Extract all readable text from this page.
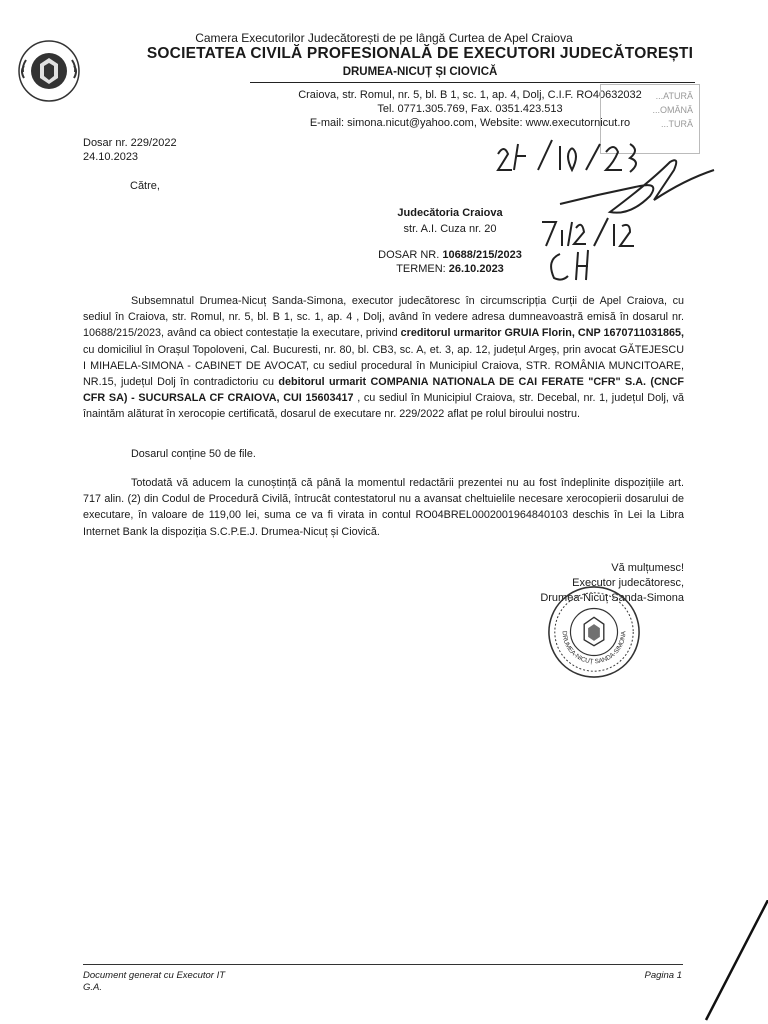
Camera Executorilor Judecătorești de pe lângă Curtea de Apel Craiova
SOCIETATEA CIVILĂ PROFESIONALĂ DE EXECUTORI JUDECĂTOREȘTI
DRUMEA-NICUȚ ȘI CIOVICĂ
Craiova, str. Romul, nr. 5, bl. B 1, sc. 1, ap. 4, Dolj, C.I.F. RO40632032
Tel. 0771.305.769, Fax. 0351.423.513
E-mail: simona.nicut@yahoo.com, Website: www.executornicut.ro
...ATURĂ
...OMÂNĂ
...TURĂ
Dosar nr. 229/2022
24.10.2023
Către,
Judecătoria Craiova
str. A.I. Cuza nr. 20
DOSAR NR. 10688/215/2023
TERMEN: 26.10.2023

Subsemnatul Drumea-Nicuț Sanda-Simona, executor judecătoresc în circumscripția Curții de Apel Craiova, cu sediul în Craiova, str. Romul, nr. 5, bl. B 1, sc. 1, ap. 4 , Dolj, având în vedere adresa dumneavoastră emisă în dosarul nr. 10688/215/2023, având ca obiect contestație la executare, privind creditorul urmaritor GRUIA Florin, CNP 1670711031865, cu domiciliul în Orașul Topoloveni, Cal. Bucuresti, nr. 80, bl. CB3, sc. A, et. 3, ap. 12, județul Argeș, prin avocat GĂTEJESCU I MIHAELA-SIMONA - CABINET DE AVOCAT, cu sediul procedural în Municipiul Craiova, STR. ROMÂNIA MUNCITOARE, NR.15, județul Dolj în contradictoriu cu debitorul urmarit COMPANIA NATIONALA DE CAI FERATE "CFR" S.A. (CNCF CFR SA) - SUCURSALA CF CRAIOVA, CUI 15603417 , cu sediul în Municipiul Craiova, str. Decebal, nr. 1, județul Dolj, vă înaintăm alăturat în xerocopie certificată, dosarul de executare nr. 229/2022 aflat pe rolul biroului nostru.

Dosarul conține 50 de file.

Totodată vă aducem la cunoștință că până la momentul redactării prezentei nu au fost îndeplinite dispozițiile art. 717 alin. (2) din Codul de Procedură Civilă, întrucât contestatorul nu a avansat cheltuielile necesare xerocopierii dosarului de executare, în valoare de 119,00 lei, suma ce va fi virata in contul RO04BREL0002001964840103 deschis în Lei la Libra Internet Bank la dispoziția S.C.P.E.J. Drumea-Nicuț și Ciovică.

Vă mulțumesc!
Executor judecătoresc,
Drumea-Nicuț Sanda-Simona
DRUMEA-NICUȚ SANDA-SIMONA
Document generat cu Executor IT
G.A.
Pagina 1
